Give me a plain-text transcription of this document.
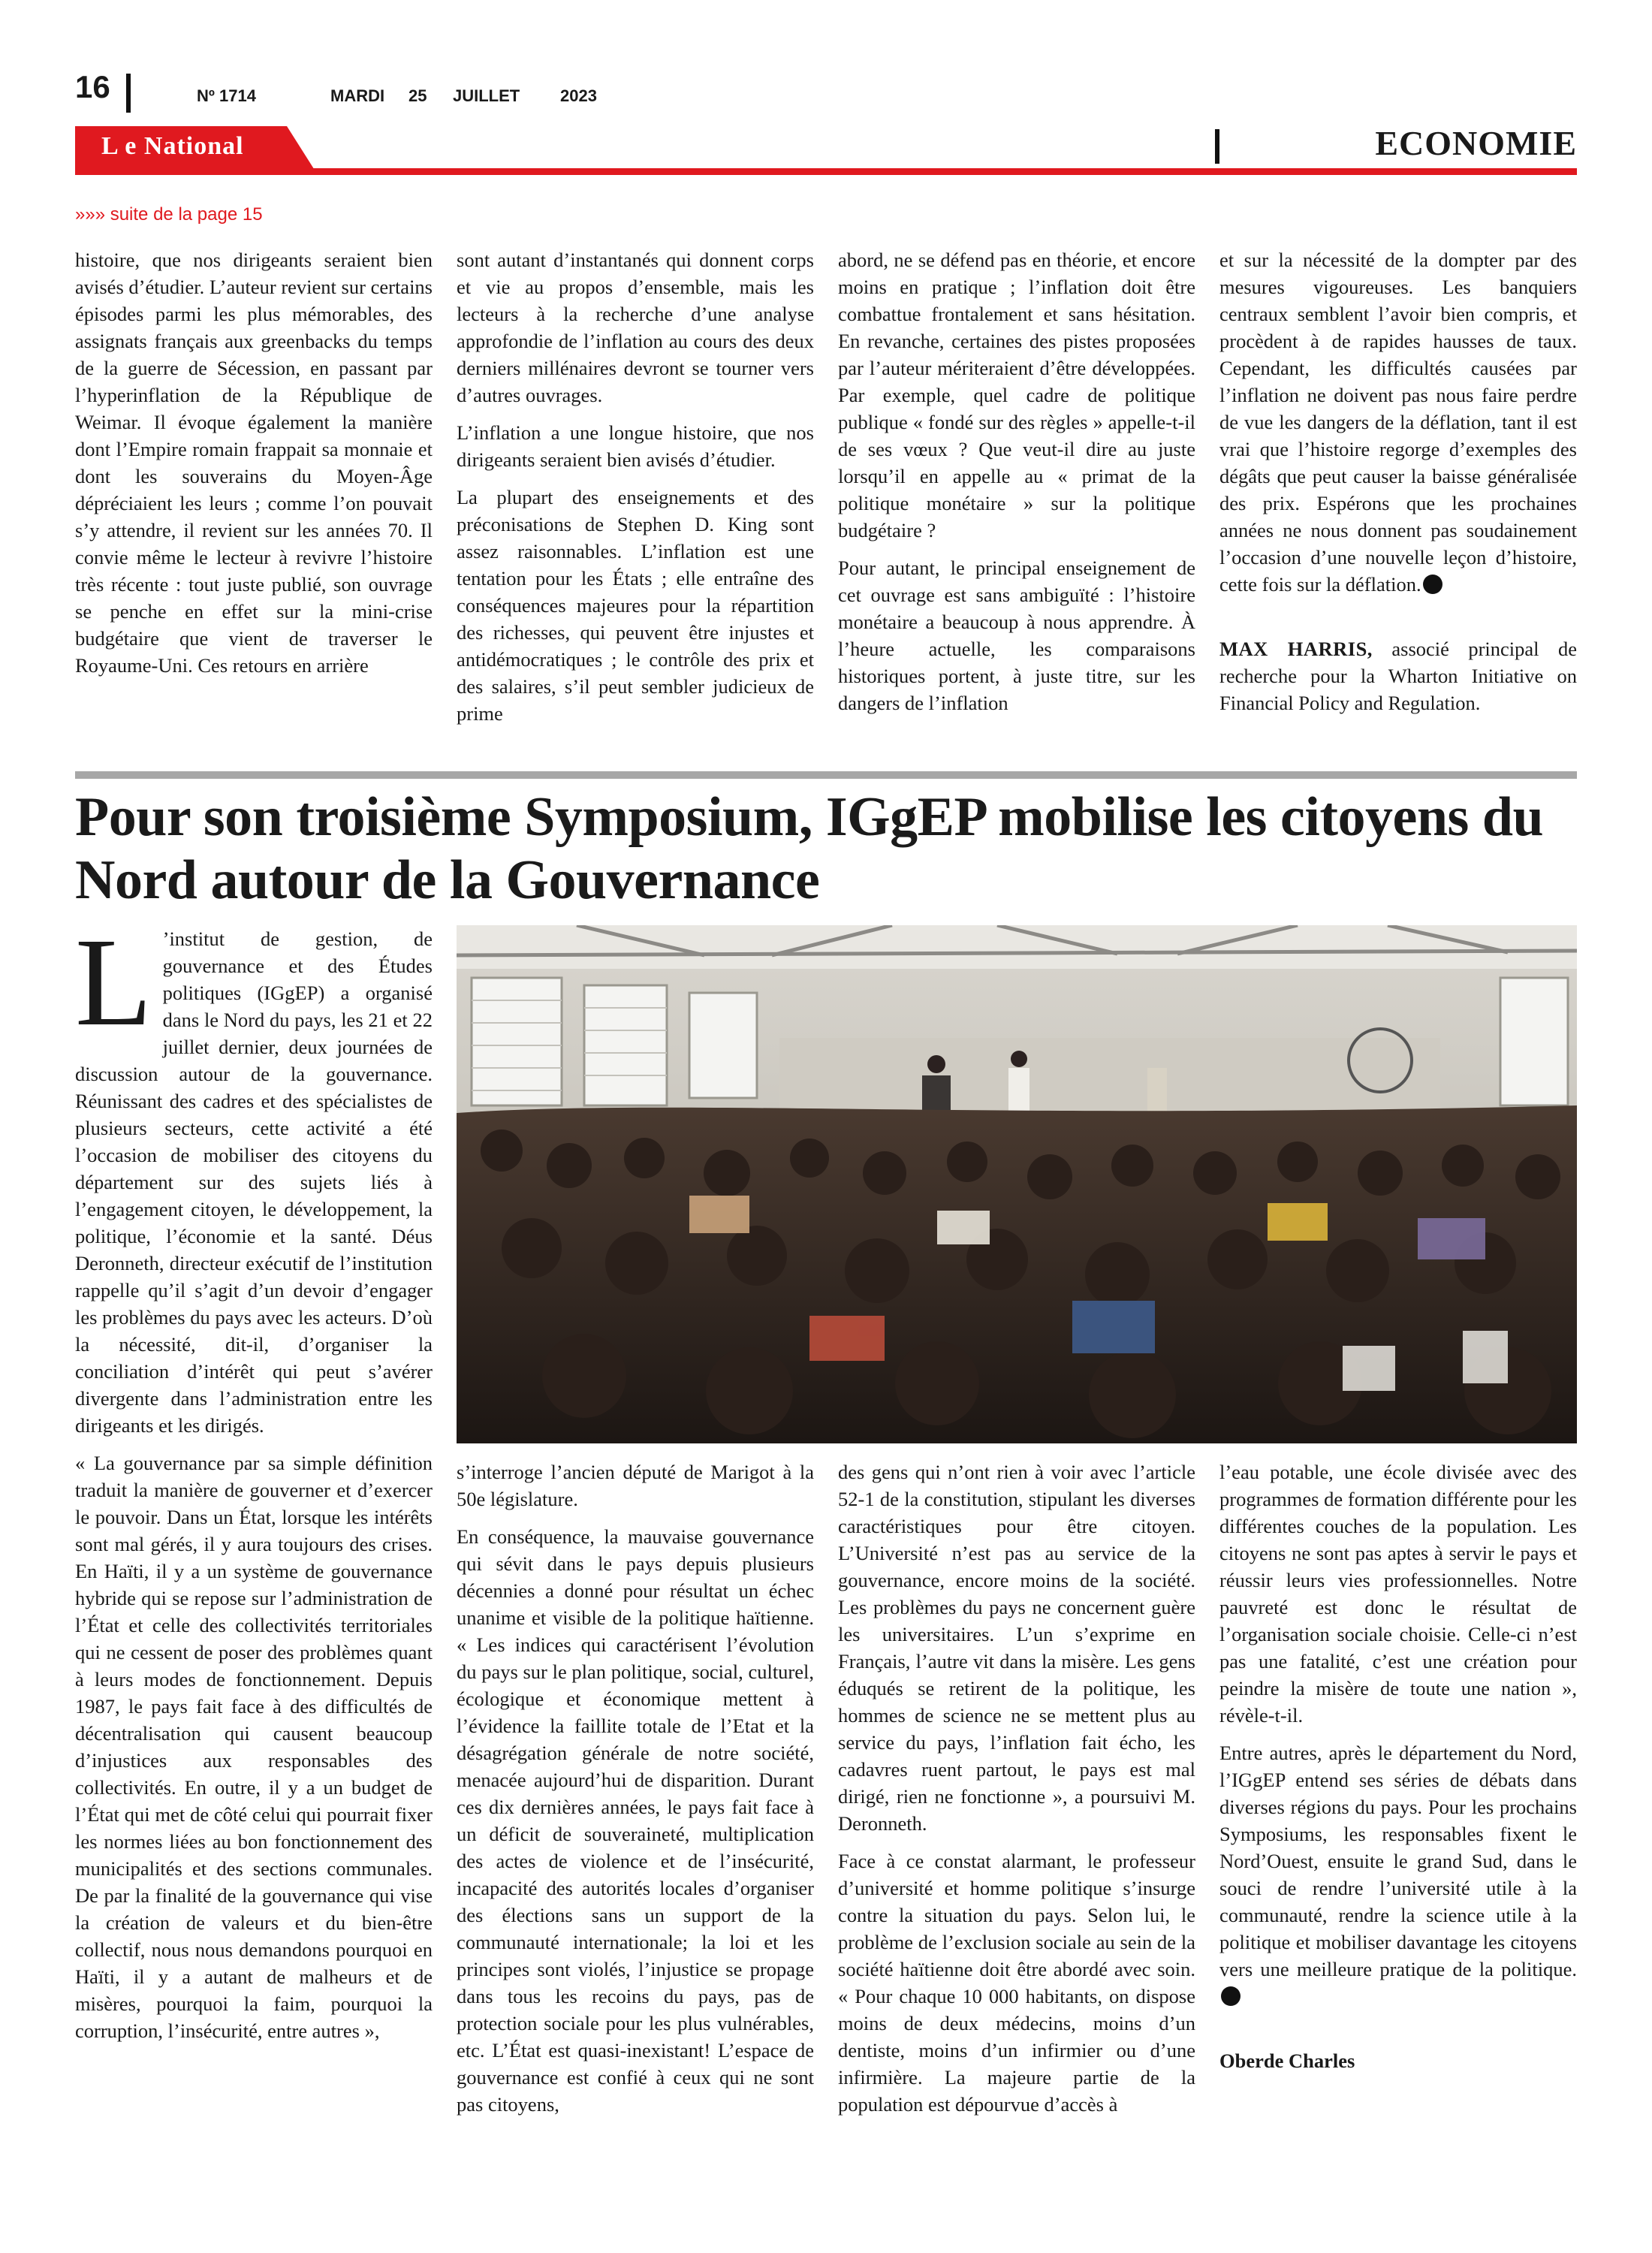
16	Nº 1714	MARDI 25 JUILLET 2023
L e National	ECONOMIE
»»» suite de la page 15

histoire, que nos dirigeants seraient bien avisés d’étudier. L’auteur revient sur certains épisodes parmi les plus mémorables, des assignats français aux greenbacks du temps de la guerre de Sécession, en passant par l’hyperinflation de la République de Weimar. Il évoque également la manière dont l’Empire romain frappait sa monnaie et dont les souverains du Moyen-Âge dépréciaient les leurs ; comme l’on pouvait s’y attendre, il revient sur les années 70. Il convie même le lecteur à revivre l’histoire très récente : tout juste publié, son ouvrage se penche en effet sur la mini-crise budgétaire que vient de traverser le Royaume-Uni. Ces retours en arrière

sont autant d’instantanés qui donnent corps et vie au propos d’ensemble, mais les lecteurs à la recherche d’une analyse approfondie de l’inflation au cours des deux derniers millénaires devront se tourner vers d’autres ouvrages.

L’inflation a une longue histoire, que nos dirigeants seraient bien avisés d’étudier.

La plupart des enseignements et des préconisations de Stephen D. King sont assez raisonnables. L’inflation est une tentation pour les États ; elle entraîne des conséquences majeures pour la répartition des richesses, qui peuvent être injustes et antidémocratiques ; le contrôle des prix et des salaires, s’il peut sembler judicieux de prime

abord, ne se défend pas en théorie, et encore moins en pratique ; l’inflation doit être combattue frontalement et sans hésitation. En revanche, certaines des pistes proposées par l’auteur mériteraient d’être développées. Par exemple, quel cadre de politique publique « fondé sur des règles » appelle-t-il de ses vœux ? Que veut-il dire au juste lorsqu’il en appelle au « primat de la politique monétaire » sur la politique budgétaire ?

Pour autant, le principal enseignement de cet ouvrage est sans ambiguïté : l’histoire monétaire a beaucoup à nous apprendre. À l’heure actuelle, les comparaisons historiques portent, à juste titre, sur les dangers de l’inflation

et sur la nécessité de la dompter par des mesures vigoureuses. Les banquiers centraux semblent l’avoir bien compris, et procèdent à de rapides hausses de taux. Cependant, les difficultés causées par l’inflation ne doivent pas nous faire perdre de vue les dangers de la déflation, tant il est vrai que l’histoire regorge d’exemples des dégâts que peut causer la baisse généralisée des prix. Espérons que les prochaines années ne nous donnent pas soudainement l’occasion d’une nouvelle leçon d’histoire, cette fois sur la déflation.

MAX HARRIS, associé principal de recherche pour la Wharton Initiative on Financial Policy and Regulation.

Pour son troisième Symposium, IGgEP mobilise les citoyens du Nord autour de la Gouvernance

L ’institut de gestion, de gouvernance et des Études politiques (IGgEP) a organisé dans le Nord du pays, les 21 et 22 juillet dernier, deux journées de discussion autour de la gouvernance. Réunissant des cadres et des spécialistes de plusieurs secteurs, cette activité a été l’occasion de mobiliser des citoyens du département sur des sujets liés à l’engagement citoyen, le développement, la politique, l’économie et la santé. Déus Deronneth, directeur exécutif de l’institution rappelle qu’il s’agit d’un devoir d’engager les problèmes du pays avec les acteurs. D’où la nécessité, dit-il, d’organiser la conciliation d’intérêt qui peut s’avérer divergente dans l’administration entre les dirigeants et les dirigés.

« La gouvernance par sa simple définition traduit la manière de gouverner et d’exercer le pouvoir. Dans un État, lorsque les intérêts sont mal gérés, il y aura toujours des crises. En Haïti, il y a un système de gouvernance hybride qui se repose sur l’administration de l’État et celle des collectivités territoriales qui ne cessent de poser des problèmes quant à leurs modes de fonctionnement. Depuis 1987, le pays fait face à des difficultés de décentralisation qui causent beaucoup d’injustices aux responsables des collectivités. En outre, il y a un budget de l’État qui met de côté celui qui pourrait fixer les normes liées au bon fonctionnement des municipalités et des sections communales. De par la finalité de la gouvernance qui vise la création de valeurs et du bien-être collectif, nous nous demandons pourquoi en Haïti, il y a autant de malheurs et de misères, pourquoi la faim, pourquoi la corruption, l’insécurité, entre autres »,

s’interroge l’ancien député de Marigot à la 50e législature.

En conséquence, la mauvaise gouvernance qui sévit dans le pays depuis plusieurs décennies a donné pour résultat un échec unanime et visible de la politique haïtienne. « Les indices qui caractérisent l’évolution du pays sur le plan politique, social, culturel, écologique et économique mettent à l’évidence la faillite totale de l’Etat et la désagrégation générale de notre société, menacée aujourd’hui de disparition. Durant ces dix dernières années, le pays fait face à un déficit de souveraineté, multiplication des actes de violence et de l’insécurité, incapacité des autorités locales d’organiser des élections sans un support de la communauté internationale; la loi et les principes sont violés, l’injustice se propage dans tous les recoins du pays, pas de protection sociale pour les plus vulnérables, etc. L’État est quasi-inexistant! L’espace de gouvernance est confié à ceux qui ne sont pas citoyens,

des gens qui n’ont rien à voir avec l’article 52-1 de la constitution, stipulant les diverses caractéristiques pour être citoyen. L’Université n’est pas au service de la gouvernance, encore moins de la société. Les problèmes du pays ne concernent guère les universitaires. L’un s’exprime en Français, l’autre vit dans la misère. Les gens éduqués se retirent de la politique, les hommes de science ne se mettent plus au service du pays, l’inflation fait écho, les cadavres ruent partout, le pays est mal dirigé, rien ne fonctionne », a poursuivi M. Deronneth.

Face à ce constat alarmant, le professeur d’université et homme politique s’insurge contre la situation du pays. Selon lui, le problème de l’exclusion sociale au sein de la société haïtienne doit être abordé avec soin. « Pour chaque 10 000 habitants, on dispose moins de deux médecins, moins d’un dentiste, moins d’un infirmier ou d’une infirmière. La majeure partie de la population est dépourvue d’accès à

l’eau potable, une école divisée avec des programmes de formation différente pour les différentes couches de la population. Les citoyens ne sont pas aptes à servir le pays et réussir leurs vies professionnelles. Notre pauvreté est donc le résultat de l’organisation sociale choisie. Celle-ci n’est pas une fatalité, c’est une création pour peindre la misère de toute une nation », révèle-t-il.

Entre autres, après le département du Nord, l’IGgEP entend ses séries de débats dans diverses régions du pays. Pour les prochains Symposiums, les responsables fixent le Nord’Ouest, ensuite le grand Sud, dans le souci de rendre l’université utile à la communauté, rendre la science utile à la politique et mobiliser davantage les citoyens vers une meilleure pratique de la politique.

Oberde Charles
